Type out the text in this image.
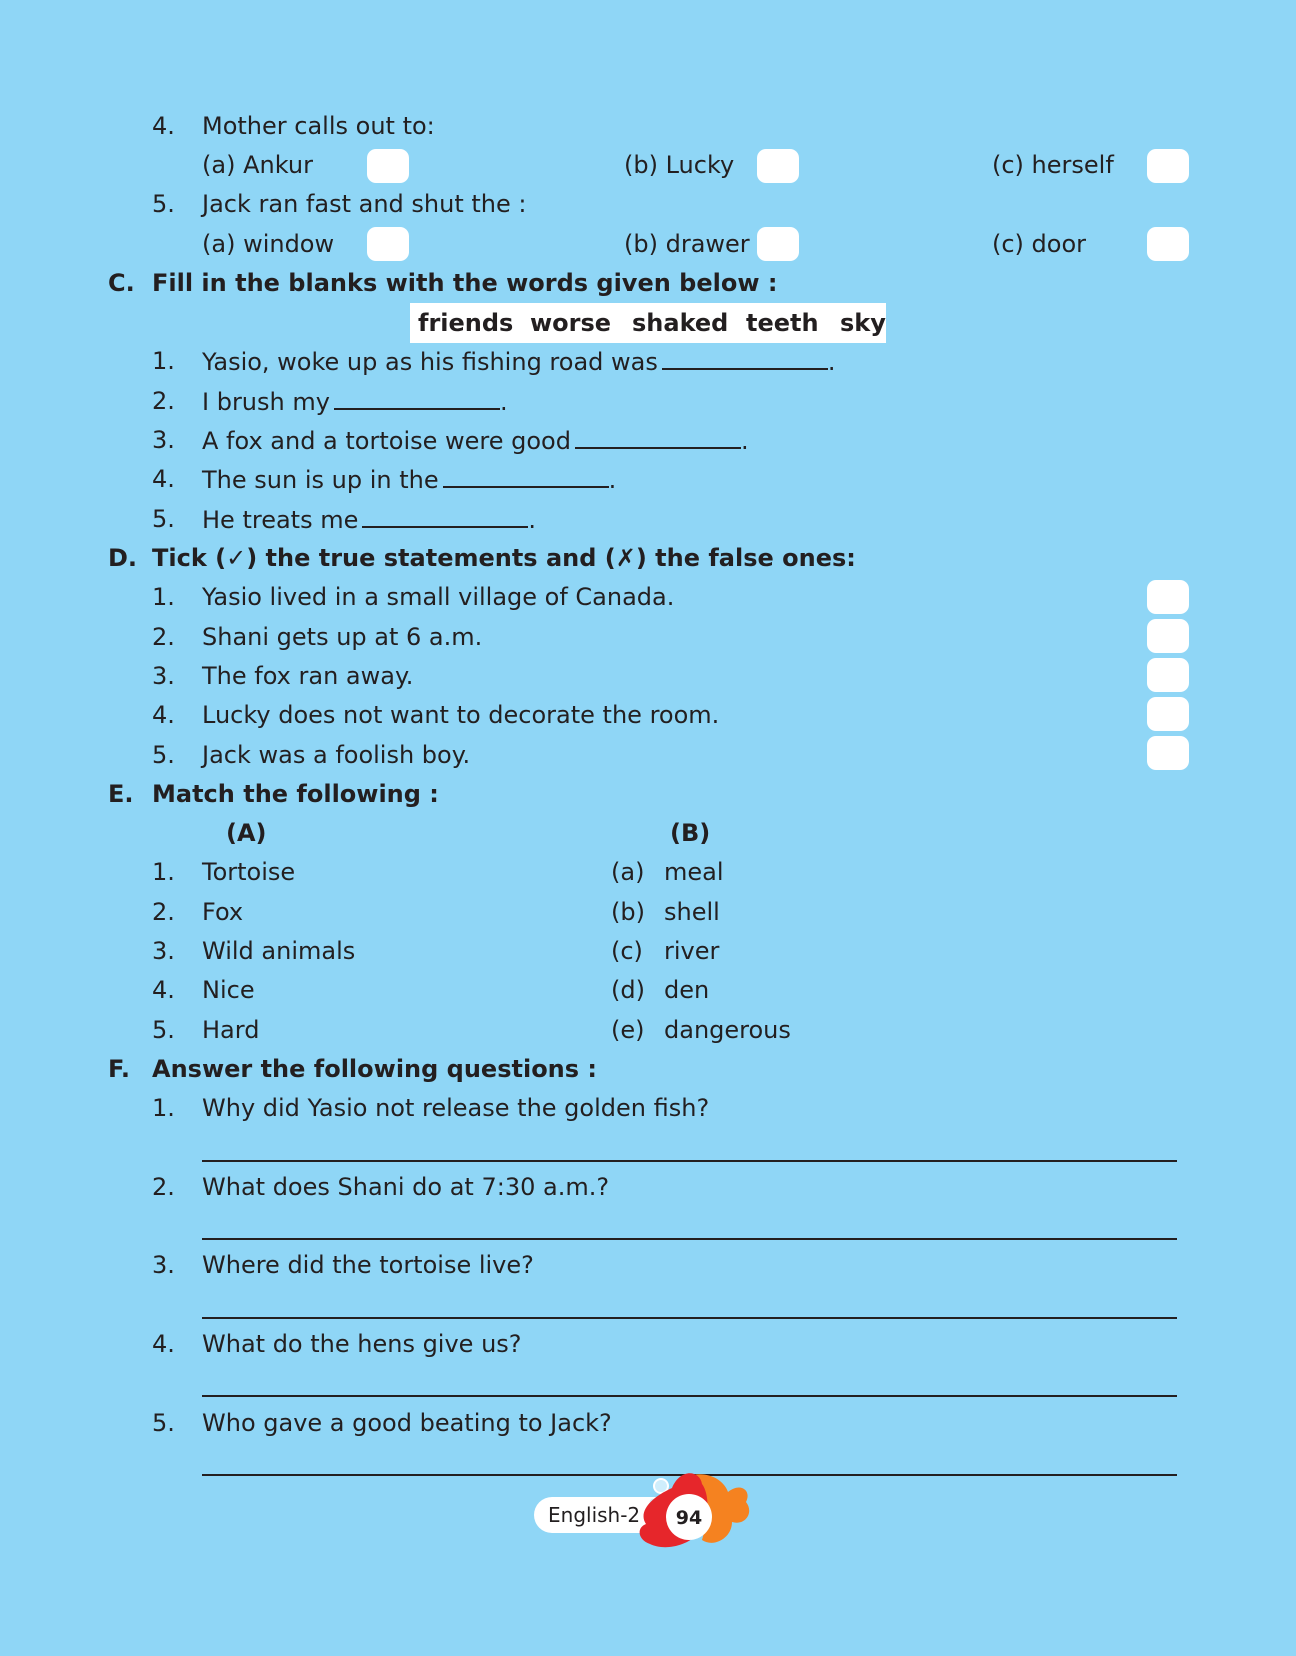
4. Mother calls out to:
(a) Ankur	(b) Lucky	(c) herself
5. Jack ran fast and shut the :
(a) window	(b) drawer	(c) door
C. Fill in the blanks with the words given below :
friends worse shaked teeth sky
1. Yasio, woke up as his fishing road was	.
2. I brush my	.
3. A fox and a tortoise were good	.
4. The sun is up in the	.
5. He treats me	.
D. Tick (✓) the true statements and (✗) the false ones:
1. Yasio lived in a small village of Canada.
2. Shani gets up at 6 a.m.
3. The fox ran away.
4. Lucky does not want to decorate the room.
5. Jack was a foolish boy.
E. Match the following :
(A)	(B)
1. Tortoise	(a) meal
2. Fox	(b) shell
3. Wild animals	(c) river
4. Nice	(d) den
5. Hard	(e) dangerous
F. Answer the following questions :
1. Why did Yasio not release the golden fish?
2. What does Shani do at 7:30 a.m.?
3. Where did the tortoise live?
4. What do the hens give us?
5. Who gave a good beating to Jack?
English-2	94
